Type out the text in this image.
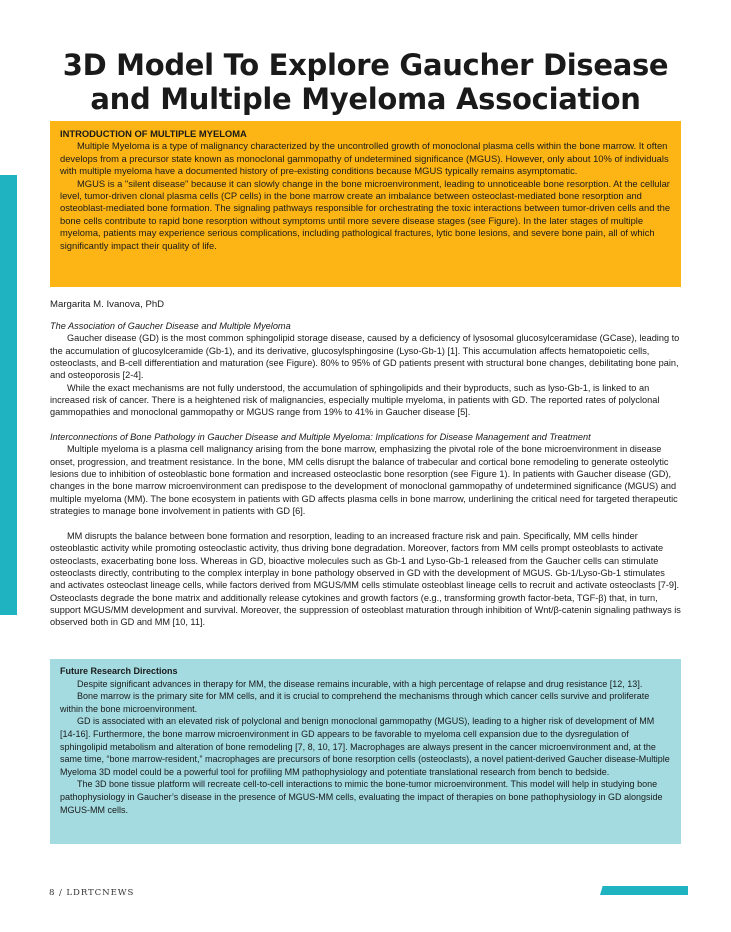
3D Model To Explore Gaucher Disease
and Multiple Myeloma Association
INTRODUCTION OF MULTIPLE MYELOMA

Multiple Myeloma is a type of malignancy characterized by the uncontrolled growth of monoclonal plasma cells within the bone marrow. It often develops from a precursor state known as monoclonal gammopathy of undetermined significance (MGUS). However, only about 10% of individuals with multiple myeloma have a documented history of pre-existing conditions because MGUS typically remains asymptomatic.

MGUS is a "silent disease" because it can slowly change in the bone microenvironment, leading to unnoticeable bone resorption. At the cellular level, tumor-driven clonal plasma cells (CP cells) in the bone marrow create an imbalance between osteoclast-mediated bone resorption and osteoblast-mediated bone formation. The signaling pathways responsible for orchestrating the toxic interactions between tumor-driven cells and the bone cells contribute to rapid bone resorption without symptoms until more severe disease stages (see Figure). In the later stages of multiple myeloma, patients may experience serious complications, including pathological fractures, lytic bone lesions, and severe bone pain, all of which significantly impact their quality of life.

Margarita M. Ivanova, PhD
The Association of Gaucher Disease and Multiple Myeloma

Gaucher disease (GD) is the most common sphingolipid storage disease, caused by a deficiency of lysosomal glucosylceramidase (GCase), leading to the accumulation of glucosylceramide (Gb-1), and its derivative, glucosylsphingosine (Lyso-Gb-1) [1]. This accumulation affects hematopoietic cells, osteoclasts, and B-cell differentiation and maturation (see Figure). 80% to 95% of GD patients present with structural bone changes, debilitating bone pain, and osteoporosis [2-4].

While the exact mechanisms are not fully understood, the accumulation of sphingolipids and their byproducts, such as lyso-Gb-1, is linked to an increased risk of cancer. There is a heightened risk of malignancies, especially multiple myeloma, in patients with GD. The reported rates of polyclonal gammopathies and monoclonal gammopathy or MGUS range from 19% to 41% in Gaucher disease [5].

Interconnections of Bone Pathology in Gaucher Disease and Multiple Myeloma: Implications for Disease Management and Treatment

Multiple myeloma is a plasma cell malignancy arising from the bone marrow, emphasizing the pivotal role of the bone microenvironment in disease onset, progression, and treatment resistance. In the bone, MM cells disrupt the balance of trabecular and cortical bone remodeling to generate osteolytic lesions due to inhibition of osteoblastic bone formation and increased osteoclastic bone resorption (see Figure 1). In patients with Gaucher disease (GD), changes in the bone marrow microenvironment can predispose to the development of monoclonal gammopathy of undetermined significance (MGUS) and multiple myeloma (MM). The bone ecosystem in patients with GD affects plasma cells in bone marrow, underlining the critical need for targeted therapeutic strategies to manage bone involvement in patients with GD [6].

MM disrupts the balance between bone formation and resorption, leading to an increased fracture risk and pain. Specifically, MM cells hinder osteoblastic activity while promoting osteoclastic activity, thus driving bone degradation. Moreover, factors from MM cells prompt osteoblasts to activate osteoclasts, exacerbating bone loss. Whereas in GD, bioactive molecules such as Gb-1 and Lyso-Gb-1 released from the Gaucher cells can stimulate osteoclasts directly, contributing to the complex interplay in bone pathology observed in GD with the development of MGUS. Gb-1/Lyso-Gb-1 stimulates and activates osteoclast lineage cells, while factors derived from MGUS/MM cells stimulate osteoblast lineage cells to recruit and activate osteoclasts [7-9]. Osteoclasts degrade the bone matrix and additionally release cytokines and growth factors (e.g., transforming growth factor-beta, TGF-β) that, in turn, support MGUS/MM development and survival. Moreover, the suppression of osteoblast maturation through inhibition of Wnt/β-catenin signaling pathways is observed both in GD and MM [10, 11].

Future Research Directions

Despite significant advances in therapy for MM, the disease remains incurable, with a high percentage of relapse and drug resistance [12, 13].

Bone marrow is the primary site for MM cells, and it is crucial to comprehend the mechanisms through which cancer cells survive and proliferate within the bone microenvironment.

GD is associated with an elevated risk of polyclonal and benign monoclonal gammopathy (MGUS), leading to a higher risk of development of MM [14-16]. Furthermore, the bone marrow microenvironment in GD appears to be favorable to myeloma cell expansion due to the dysregulation of sphingolipid metabolism and alteration of bone remodeling [7, 8, 10, 17]. Macrophages are always present in the cancer microenvironment and, at the same time, “bone marrow-resident,” macrophages are precursors of bone resorption cells (osteoclasts), a novel patient-derived Gaucher disease-Multiple Myeloma 3D model could be a powerful tool for profiling MM pathophysiology and potentiate translational research from bench to bedside.

The 3D bone tissue platform will recreate cell-to-cell interactions to mimic the bone-tumor microenvironment. This model will help in studying bone pathophysiology in Gaucher’s disease in the presence of MGUS-MM cells, evaluating the impact of therapies on bone pathophysiology in GD alongside MGUS-MM cells.

8 / LDRTCNEWS
